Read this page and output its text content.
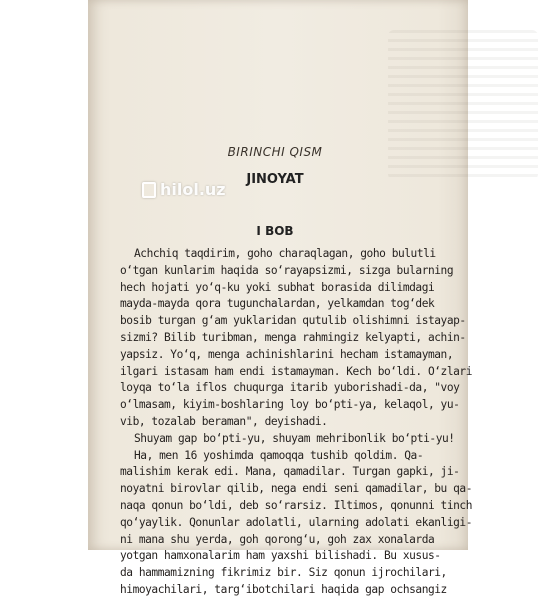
BIRINCHI QISM
JINOYAT
hilol.uz
I BOB
Achchiq taqdirim, goho charaqlagan, goho bulutli
o‘tgan kunlarim haqida so‘rayapsizmi, sizga bularning
hech hojati yo‘q-ku yoki subhat borasida dilimdagi
mayda-mayda qora tugunchalardan, yelkamdan tog‘dek
bosib turgan g‘am yuklaridan qutulib olishimni istayap-
sizmi? Bilib turibman, menga rahmingiz kelyapti, achin-
yapsiz. Yo‘q, menga achinishlarini hecham istamayman,
ilgari istasam ham endi istamayman. Kech bo‘ldi. O‘zlari
loyqa to‘la iflos chuqurga itarib yuborishadi-da, "voy
o‘lmasam, kiyim-boshlaring loy bo‘pti-ya, kelaqol, yu-
vib, tozalab beraman", deyishadi.
Shuyam gap bo‘pti-yu, shuyam mehribonlik bo‘pti-yu!
Ha, men 16 yoshimda qamoqqa tushib qoldim. Qa-
malishim kerak edi. Mana, qamadilar. Turgan gapki, ji-
noyatni birovlar qilib, nega endi seni qamadilar, bu qa-
naqa qonun bo‘ldi, deb so‘rarsiz. Iltimos, qonunni tinch
qo‘yaylik. Qonunlar adolatli, ularning adolati ekanligi-
ni mana shu yerda, goh qorong‘u, goh zax xonalarda
yotgan hamxonalarim ham yaxshi bilishadi. Bu xusus-
da hammamizning fikrimiz bir. Siz qonun ijrochilari,
himoyachilari, targ‘ibotchilari haqida gap ochsangiz
